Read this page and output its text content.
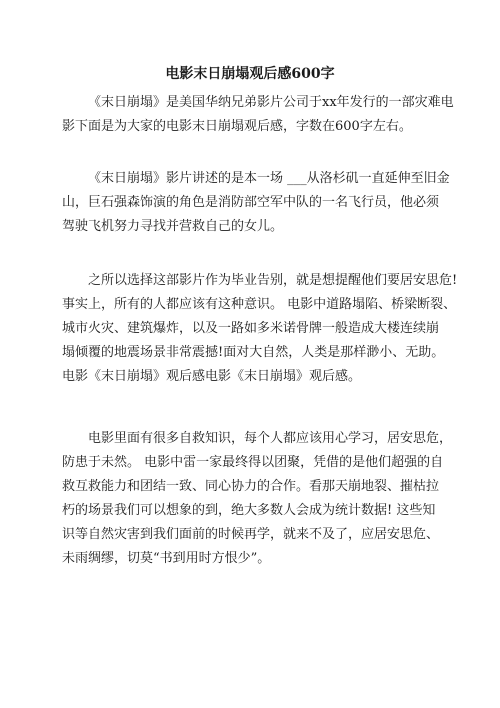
电影末日崩塌观后感600字

《末日崩塌》是美国华纳兄弟影片公司于xx年发行的一部灾难电

影下面是为大家的电影末日崩塌观后感，字数在600字左右。

《末日崩塌》影片讲述的是本一场 ___从洛杉矶一直延伸至旧金

山，巨石强森饰演的角色是消防部空军中队的一名飞行员，他必须

驾驶飞机努力寻找并营救自己的女儿。

之所以选择这部影片作为毕业告别，就是想提醒他们要居安思危!

事实上，所有的人都应该有这种意识。 电影中道路塌陷、桥梁断裂、

城市火灾、建筑爆炸，以及一路如多米诺骨牌一般造成大楼连续崩

塌倾覆的地震场景非常震撼!面对大自然，人类是那样渺小、无助。

电影《末日崩塌》观后感电影《末日崩塌》观后感。

电影里面有很多自救知识，每个人都应该用心学习，居安思危，

防患于未然。 电影中雷一家最终得以团聚，凭借的是他们超强的自

救互救能力和团结一致、同心协力的合作。看那天崩地裂、摧枯拉

朽的场景我们可以想象的到，绝大多数人会成为统计数据! 这些知

识等自然灾害到我们面前的时候再学，就来不及了，应居安思危、

未雨绸缪，切莫“书到用时方恨少”。
